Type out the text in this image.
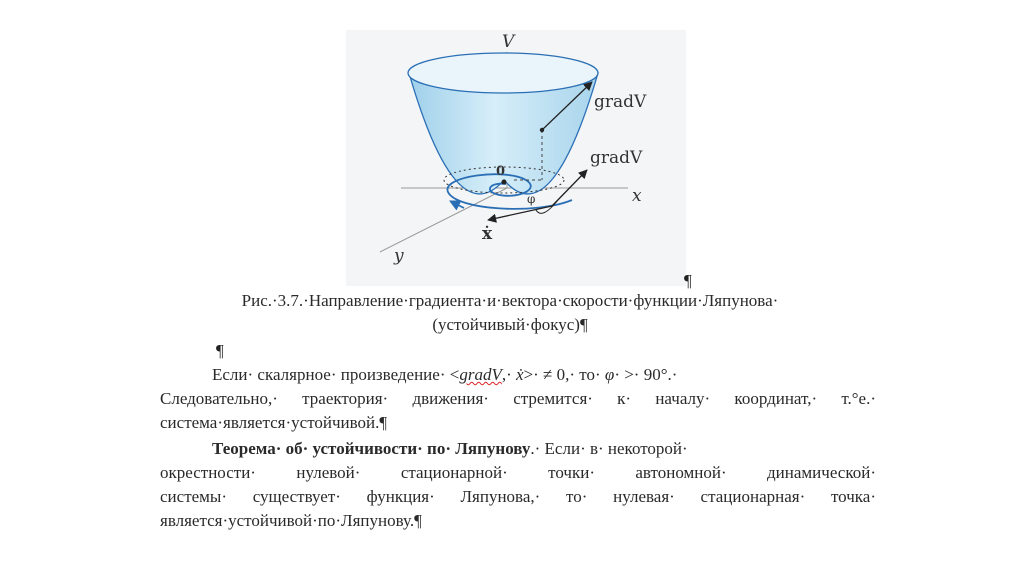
V
x
y
0
φ
gradV
gradV
ẋ
¶
Рис.·3.7.·Направление·градиента·и·вектора·скорости·функции·Ляпунова·
(устойчивый·фокус)¶
¶
Если· скалярное· произведение· <gradV,· ẋ>· ≠ 0,· то· φ· >· 90°.·
Следовательно,· траектория· движения· стремится· к· началу· координат,· т.°е.·
система·является·устойчивой.¶
Теорема· об· устойчивости· по· Ляпунову.· Если· в· некоторой·
окрестности· нулевой· стационарной· точки· автономной· динамической·
системы· существует· функция· Ляпунова,· то· нулевая· стационарная· точка·
является·устойчивой·по·Ляпунову.¶
